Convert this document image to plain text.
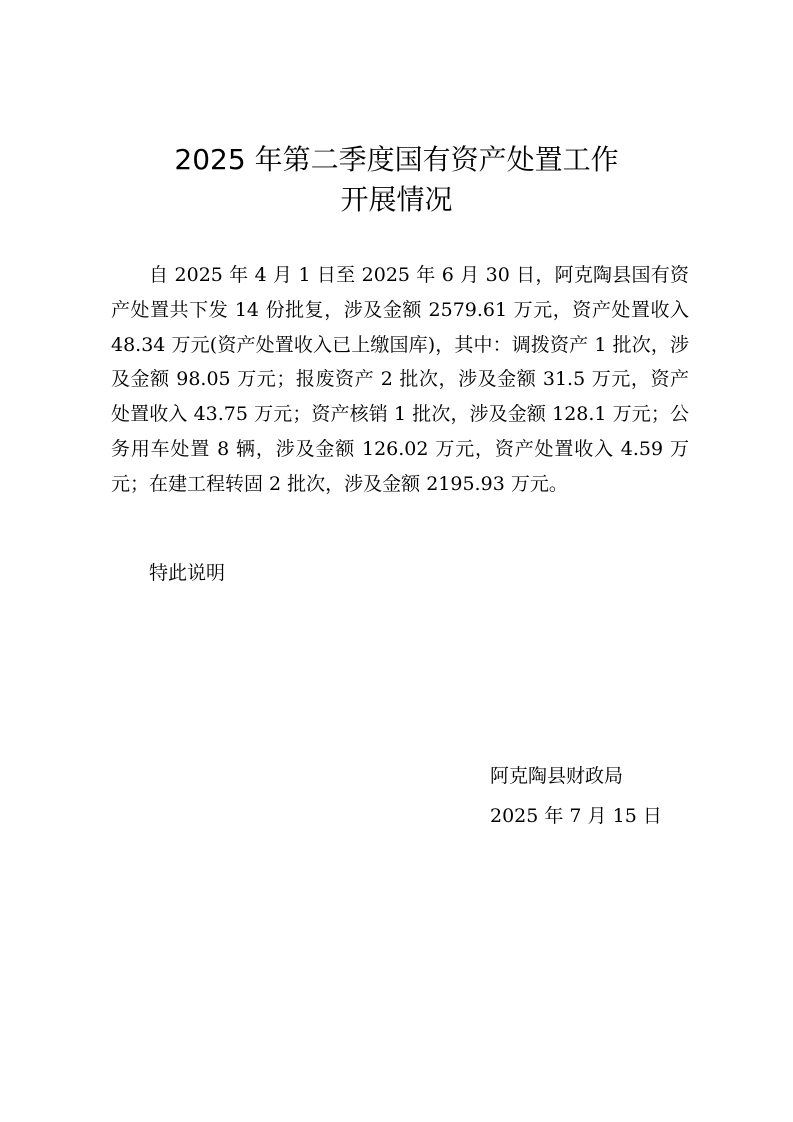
2025 年第二季度国有资产处置工作
开展情况

自 2025 年 4 月 1 日至 2025 年 6 月 30 日，阿克陶县国有资产处置共下发 14 份批复，涉及金额 2579.61 万元，资产处置收入 48.34 万元(资产处置收入已上缴国库)，其中：调拨资产 1 批次，涉及金额 98.05 万元；报废资产 2 批次，涉及金额 31.5 万元，资产处置收入 43.75 万元；资产核销 1 批次，涉及金额 128.1 万元；公务用车处置 8 辆，涉及金额 126.02 万元，资产处置收入 4.59 万元；在建工程转固 2 批次，涉及金额 2195.93 万元。

特此说明

阿克陶县财政局

2025 年 7 月 15 日
